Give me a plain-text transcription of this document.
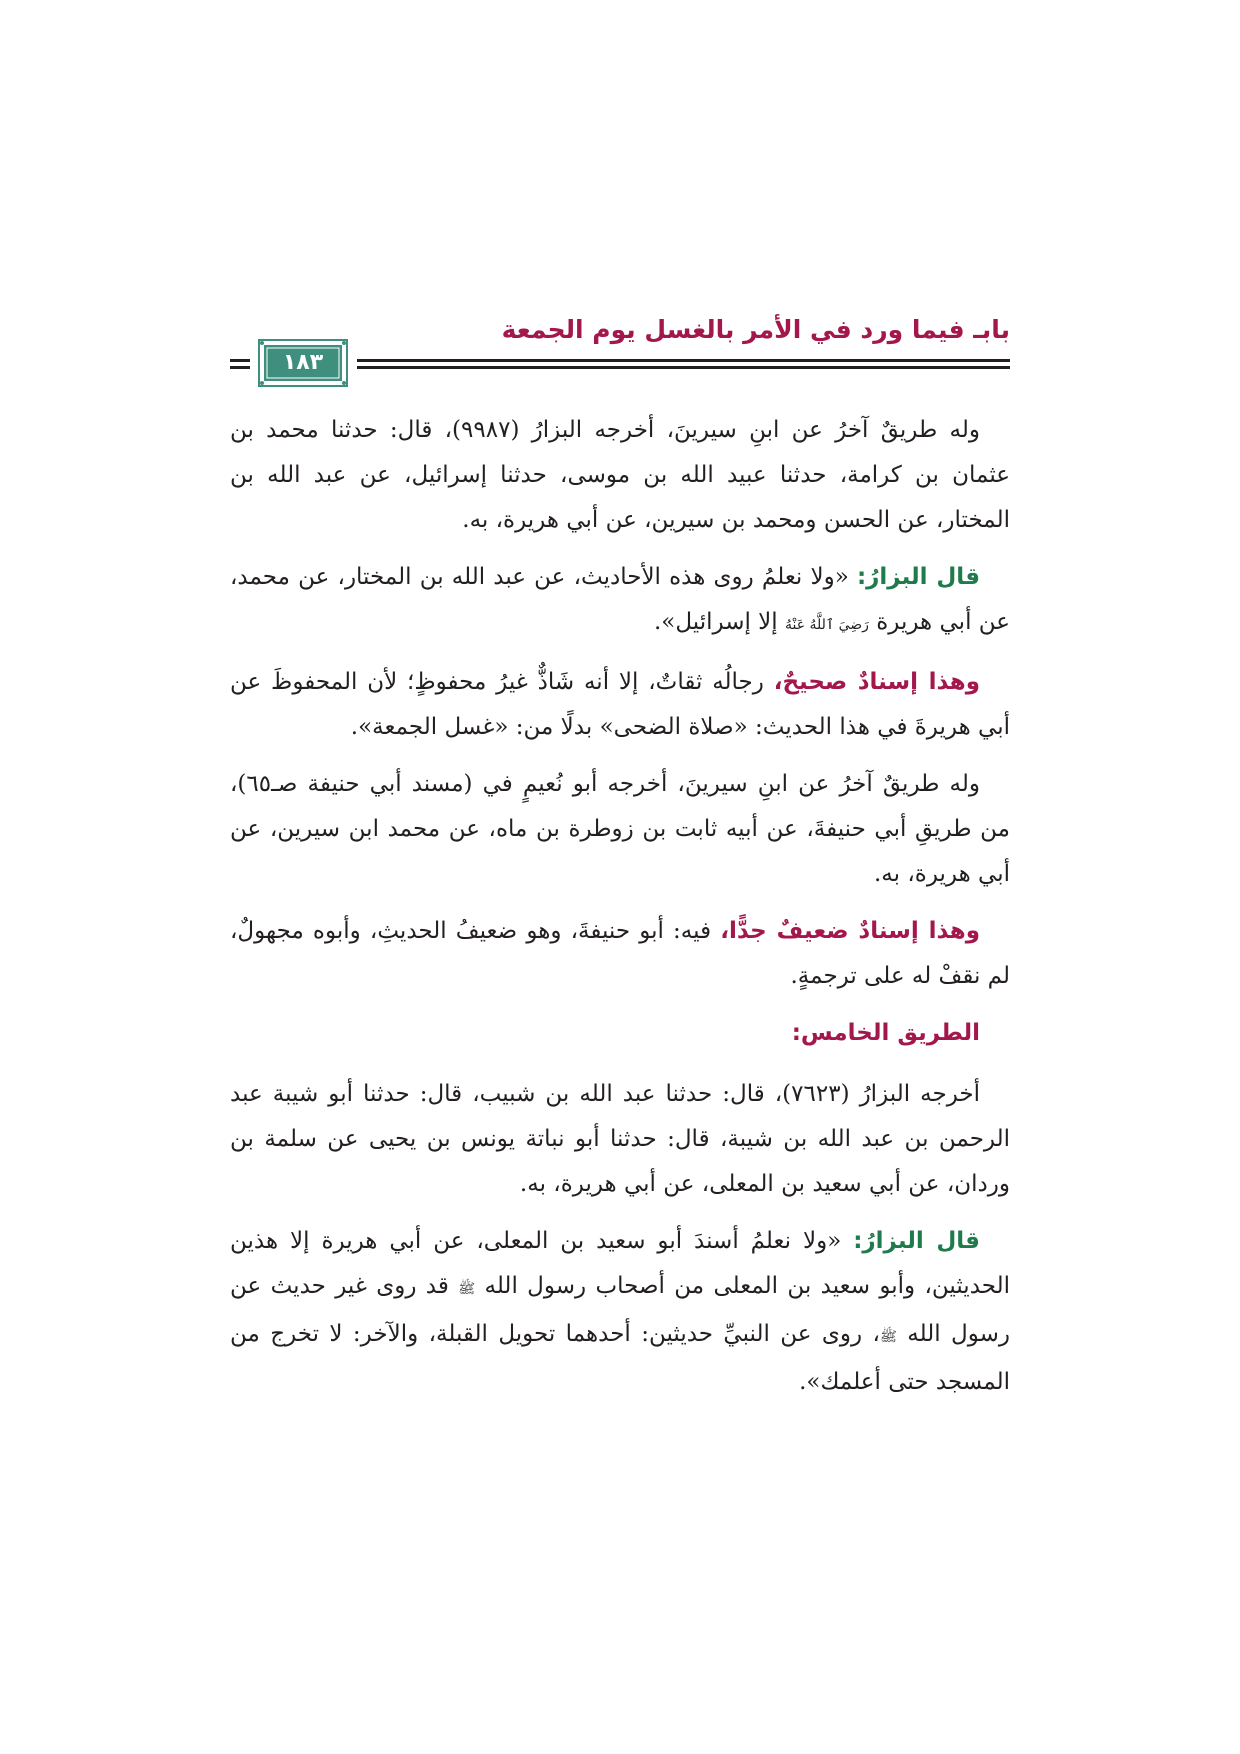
بابـ فيما ورد في الأمر بالغسل يوم الجمعة
١٨٣

وله طريقٌ آخرُ عن ابنِ سيرينَ، أخرجه البزارُ (٩٩٨٧)، قال: حدثنا محمد بن عثمان بن كرامة، حدثنا عبيد الله بن موسى، حدثنا إسرائيل، عن عبد الله بن المختار، عن الحسن ومحمد بن سيرين، عن أبي هريرة، به.

قال البزارُ: «ولا نعلمُ روى هذه الأحاديث، عن عبد الله بن المختار، عن محمد، عن أبي هريرة رَضِيَ ٱللَّهُ عَنْهُ إلا إسرائيل».

وهذا إسنادٌ صحيحٌ، رجالُه ثقاتٌ، إلا أنه شَاذٌّ غيرُ محفوظٍ؛ لأن المحفوظَ عن أبي هريرةَ في هذا الحديث: «صلاة الضحى» بدلًا من: «غسل الجمعة».

وله طريقٌ آخرُ عن ابنِ سيرينَ، أخرجه أبو نُعيمٍ في (مسند أبي حنيفة صـ٦٥)، من طريقِ أبي حنيفةَ، عن أبيه ثابت بن زوطرة بن ماه، عن محمد ابن سيرين، عن أبي هريرة، به.

وهذا إسنادٌ ضعيفٌ جدًّا، فيه: أبو حنيفةَ، وهو ضعيفُ الحديثِ، وأبوه مجهولٌ، لم نقفْ له على ترجمةٍ.

الطريق الخامس:

أخرجه البزارُ (٧٦٢٣)، قال: حدثنا عبد الله بن شبيب، قال: حدثنا أبو شيبة عبد الرحمن بن عبد الله بن شيبة، قال: حدثنا أبو نباتة يونس بن يحيى عن سلمة بن وردان، عن أبي سعيد بن المعلى، عن أبي هريرة، به.

قال البزارُ: «ولا نعلمُ أسندَ أبو سعيد بن المعلى، عن أبي هريرة إلا هذين الحديثين، وأبو سعيد بن المعلى من أصحاب رسول الله ﷺ قد روى غير حديث عن رسول الله ﷺ، روى عن النبيِّ حديثين: أحدهما تحويل القبلة، والآخر: لا تخرج من المسجد حتى أعلمك».
